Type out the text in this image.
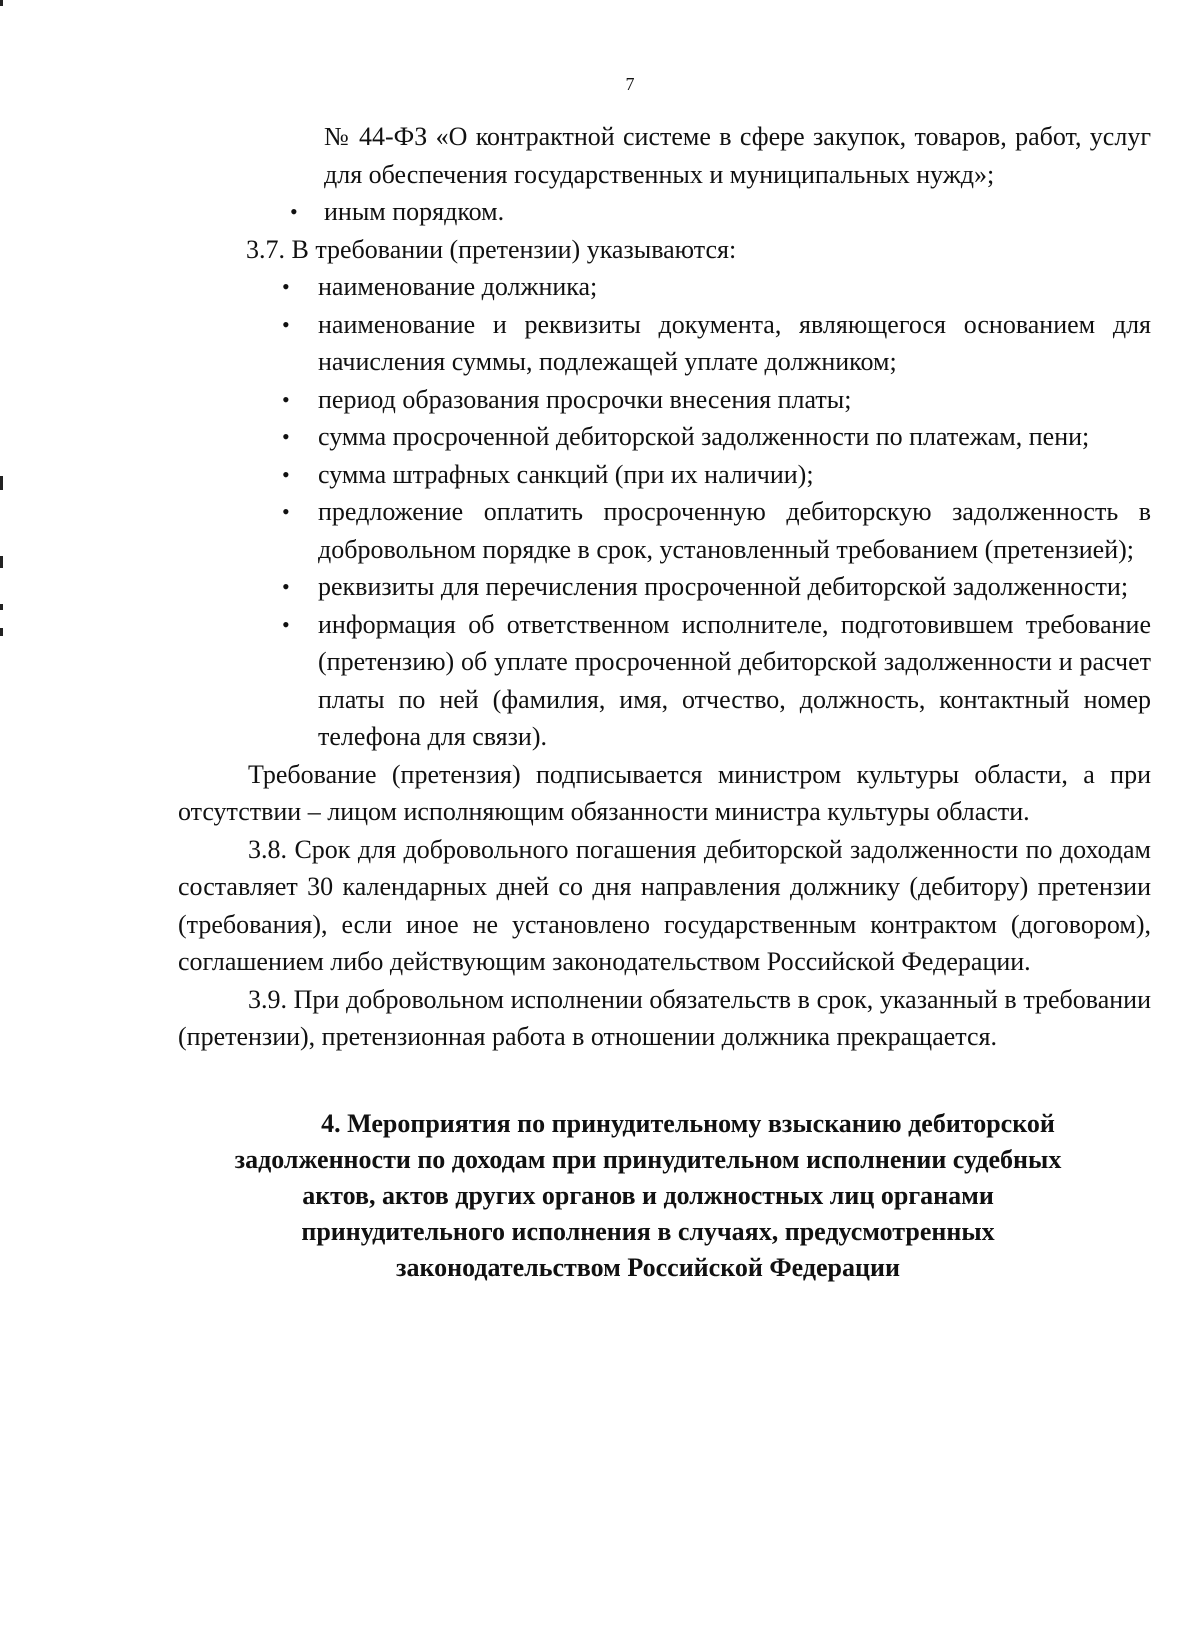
7
№ 44-ФЗ «О контрактной системе в сфере закупок, товаров, работ, услуг для обеспечения государственных и муниципальных нужд»;
• иным порядком.
3.7. В требовании (претензии) указываются:
• наименование должника;
• наименование и реквизиты документа, являющегося основанием для начисления суммы, подлежащей уплате должником;
• период образования просрочки внесения платы;
• сумма просроченной дебиторской задолженности по платежам, пени;
• сумма штрафных санкций (при их наличии);
• предложение оплатить просроченную дебиторскую задолженность в добровольном порядке в срок, установленный требованием (претензией);
• реквизиты для перечисления просроченной дебиторской задолженности;
• информация об ответственном исполнителе, подготовившем требование (претензию) об уплате просроченной дебиторской задолженности и расчет платы по ней (фамилия, имя, отчество, должность, контактный номер телефона для связи).

Требование (претензия) подписывается министром культуры области, а при отсутствии – лицом исполняющим обязанности министра культуры области.

3.8. Срок для добровольного погашения дебиторской задолженности по доходам составляет 30 календарных дней со дня направления должнику (дебитору) претензии (требования), если иное не установлено государственным контрактом (договором), соглашением либо действующим законодательством Российской Федерации.

3.9. При добровольном исполнении обязательств в срок, указанный в требовании (претензии), претензионная работа в отношении должника прекращается.

4. Мероприятия по принудительному взысканию дебиторской
задолженности по доходам при принудительном исполнении судебных
актов, актов других органов и должностных лиц органами
принудительного исполнения в случаях, предусмотренных
законодательством Российской Федерации
